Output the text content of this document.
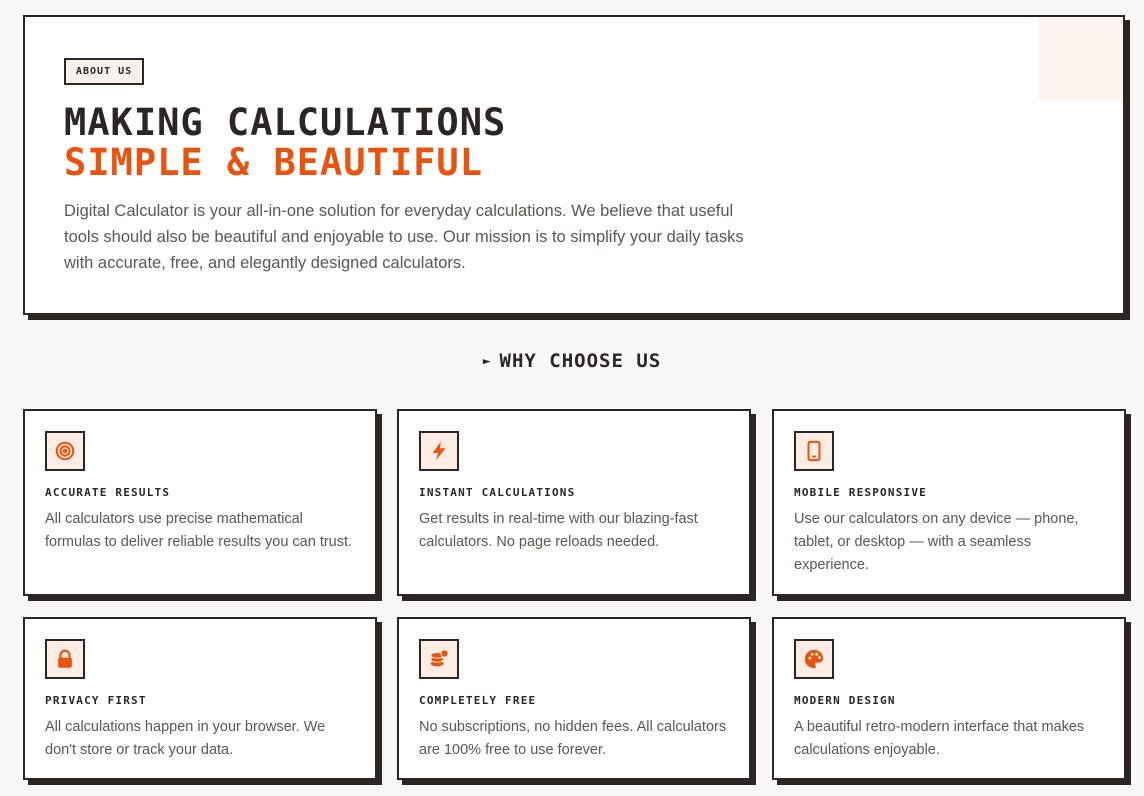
ABOUT US
MAKING CALCULATIONS
SIMPLE & BEAUTIFUL

Digital Calculator is your all-in-one solution for everyday calculations. We believe that useful tools should also be beautiful and enjoyable to use. Our mission is to simplify your daily tasks with accurate, free, and elegantly designed calculators.

► WHY CHOOSE US
ACCURATE RESULTS
All calculators use precise mathematical formulas to deliver reliable results you can trust.
INSTANT CALCULATIONS
Get results in real-time with our blazing-fast calculators. No page reloads needed.
MOBILE RESPONSIVE
Use our calculators on any device — phone, tablet, or desktop — with a seamless experience.
PRIVACY FIRST
All calculations happen in your browser. We don't store or track your data.
COMPLETELY FREE
No subscriptions, no hidden fees. All calculators are 100% free to use forever.
MODERN DESIGN
A beautiful retro-modern interface that makes calculations enjoyable.
